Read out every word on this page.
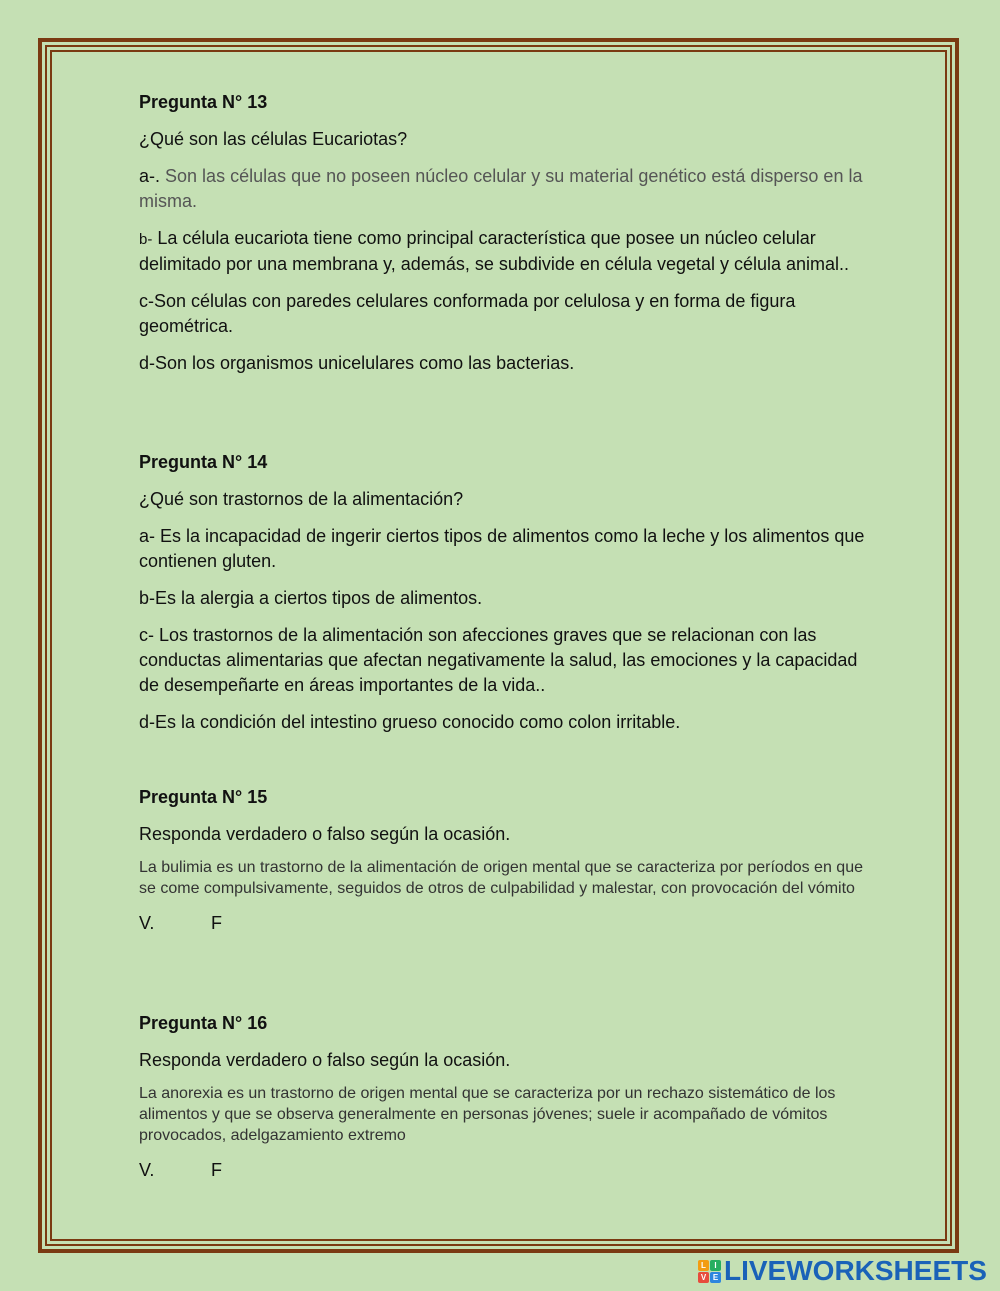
Pregunta N° 13

¿Qué son las células Eucariotas?

a-. Son las células que no poseen núcleo celular y su material genético está disperso en la misma.

b- La célula eucariota tiene como principal característica que posee un núcleo celular delimitado por una membrana y, además, se subdivide en célula vegetal y célula animal..

c-Son células con paredes celulares conformada por celulosa y en forma de figura geométrica.

d-Son los organismos unicelulares como las bacterias.

Pregunta N° 14

¿Qué son trastornos de la alimentación?

a- Es la incapacidad de ingerir ciertos tipos de alimentos como la leche y los alimentos que contienen gluten.

b-Es la alergia a ciertos tipos de alimentos.

c- Los trastornos de la alimentación son afecciones graves que se relacionan con las conductas alimentarias que afectan negativamente la salud, las emociones y la capacidad de desempeñarte en áreas importantes de la vida..

d-Es la condición del intestino grueso conocido como colon irritable.

Pregunta N° 15

Responda verdadero o falso según la ocasión.

La bulimia es un trastorno de la alimentación de origen mental que se caracteriza por períodos en que se come compulsivamente, seguidos de otros de culpabilidad y malestar, con provocación del vómito

V.	F

Pregunta N° 16

Responda verdadero o falso según la ocasión.

La anorexia es un trastorno de origen mental que se caracteriza por un rechazo sistemático de los alimentos y que se observa generalmente en personas jóvenes; suele ir acompañado de vómitos provocados, adelgazamiento extremo

V.	F

L	I
V E LIVEWORKSHEETS
